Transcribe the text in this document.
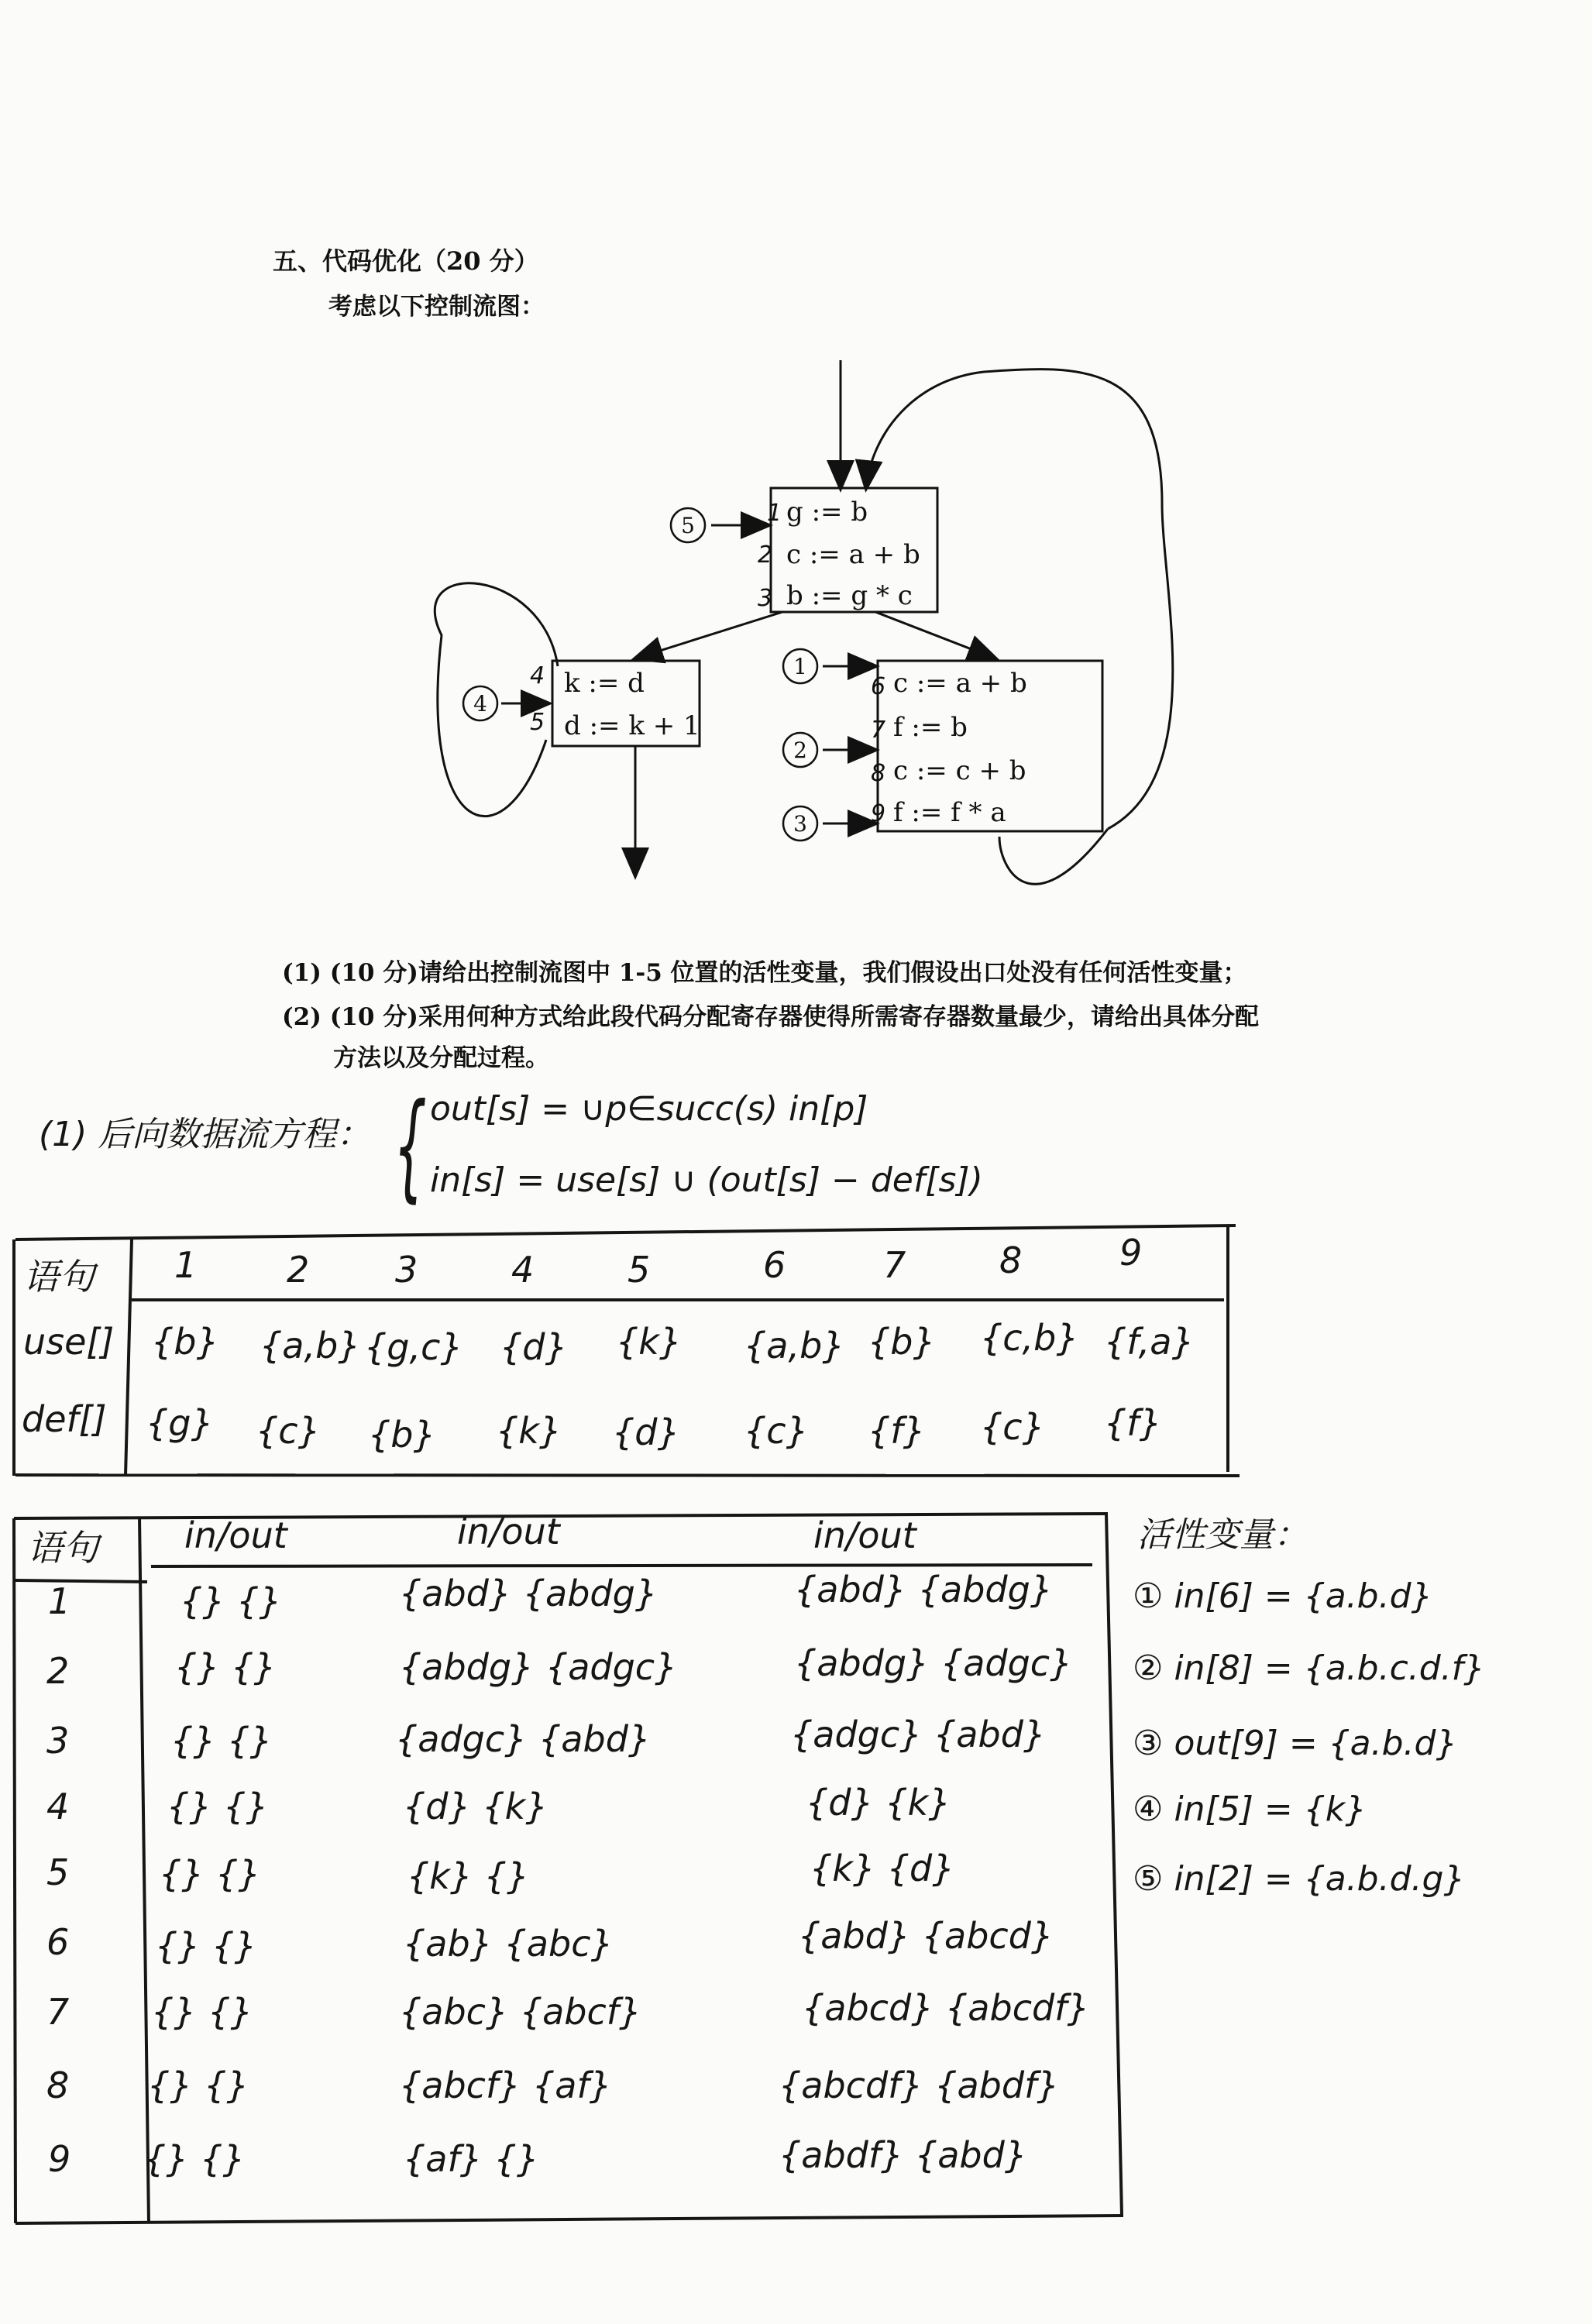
五、代码优化（20 分）
考虑以下控制流图：
5
1
2
3
4
g := b
c := a + b
b := g * c
k := d
d := k + 1
c := a + b
f := b
c := c + b
f := f * a
2
3
4
5
6
7
8
9
1
(1) (10 分)请给出控制流图中 1-5 位置的活性变量，我们假设出口处没有任何活性变量；
(2) (10 分)采用何种方式给此段代码分配寄存器使得所需寄存器数量最少，请给出具体分配
方法以及分配过程。
(1) 后向数据流方程： { out[s] = ∪p∈succ(s) in[p]
in[s] = use[s] ∪ (out[s] − def[s])
语句 1	2 3	4	5	6	7	8	9
use[] {b} {a,b} {g,c} {d} {k} {a,b} {b} {c,b} {f,a}
def[] {g} {c} {b} {k} {d} {c} {f} {c} {f}
语句 in/out	in/out	in/out
1	{} {}	{abd} {abdg}	{abd} {abdg}
2	{} {}	{abdg} {adgc}	{abdg} {adgc}
3	{} {}	{adgc} {abd}	{adgc} {abd}
4	{} {}	{d} {k}	{d} {k}
5	{} {}	{k} {}	{k} {d}
6 {} {}	{ab} {abc}	{abd} {abcd}
7 {} {}	{abc} {abcf}	{abcd} {abcdf}
8 {} {}	{abcf} {af}	{abcdf} {abdf}
9 {} {}	{af} {}	{abdf} {abd}
活性变量：
① in[6] = {a.b.d}
② in[8] = {a.b.c.d.f}
③ out[9] = {a.b.d}
④ in[5] = {k}
⑤ in[2] = {a.b.d.g}
